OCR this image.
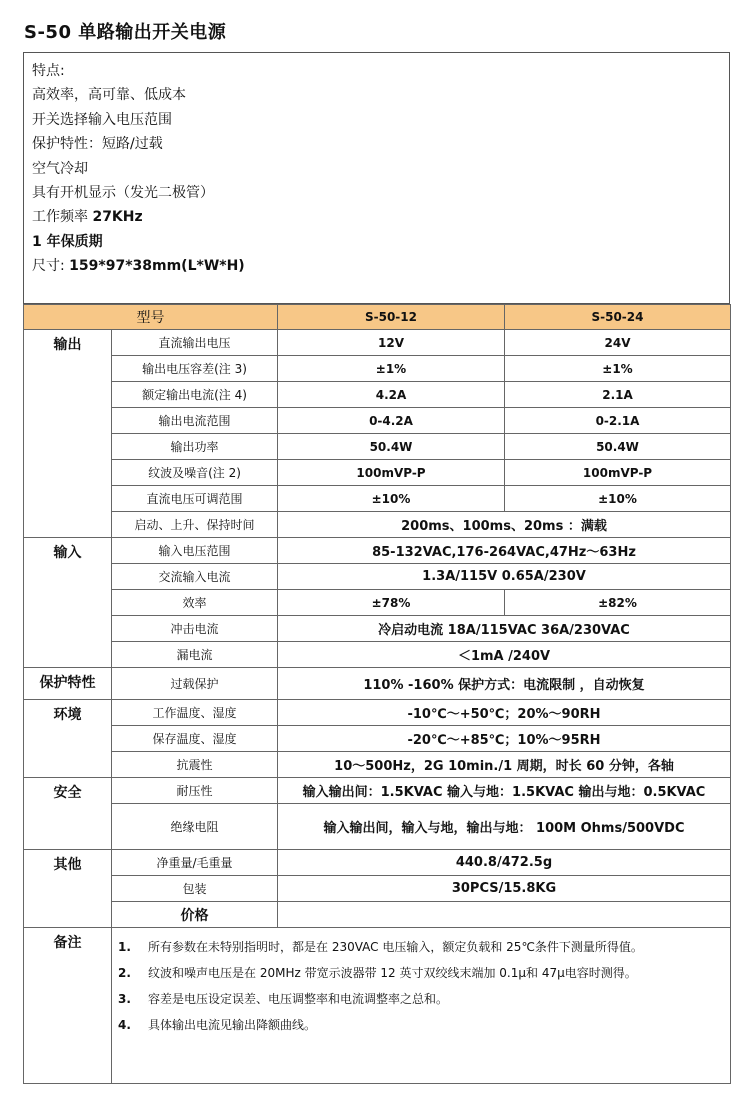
S-50 单路输出开关电源
特点:
高效率，高可靠、低成本
开关选择输入电压范围
保护特性：短路/过载
空气冷却
具有开机显示（发光二极管）
工作频率 27KHz
1 年保质期
尺寸: 159*97*38mm(L*W*H)
型号		S-50-12	S-50-24
输出	直流输出电压	12V	24V
	输出电压容差(注 3)	±1%	±1%
	额定输出电流(注 4)	4.2A	2.1A
	输出电流范围	0-4.2A	0-2.1A
	输出功率	50.4W	50.4W
	纹波及噪音(注 2)	100mVP-P	100mVP-P
	直流电压可调范围	±10%	±10%
	启动、上升、保持时间	200ms、100ms、20ms ：满载	
输入	输入电压范围	85-132VAC,176-264VAC,47Hz～63Hz	
	交流输入电流	1.3A/115V 0.65A/230V	
	效率	±78%	±82%
	冲击电流	冷启动电流 18A/115VAC 36A/230VAC	
	漏电流	＜1mA /240V	
保护特性	过载保护	110% -160% 保护方式：电流限制 ，自动恢复	
环境	工作温度、湿度	-10℃～+50℃；20%～90RH	
	保存温度、湿度	-20℃～+85℃；10%～95RH	
	抗震性	10～500Hz，2G 10min./1 周期，时长 60 分钟，各轴	
安全	耐压性	输入输出间：1.5KVAC 输入与地：1.5KVAC 输出与地：0.5KVAC	
	绝缘电阻	输入输出间，输入与地，输出与地： 100M Ohms/500VDC	
其他	净重量/毛重量	440.8/472.5g	
	包装	30PCS/15.8KG	
	价格		
备注	1. 所有参数在未特别指明时，都是在 230VAC 电压输入，额定负载和 25℃条件下测量所得值。
2. 纹波和噪声电压是在 20MHz 带宽示波器带 12 英寸双绞线末端加 0.1μ和 47μ电容时测得。
3. 容差是电压设定误差、电压调整率和电流调整率之总和。
4. 具体输出电流见输出降额曲线。		
